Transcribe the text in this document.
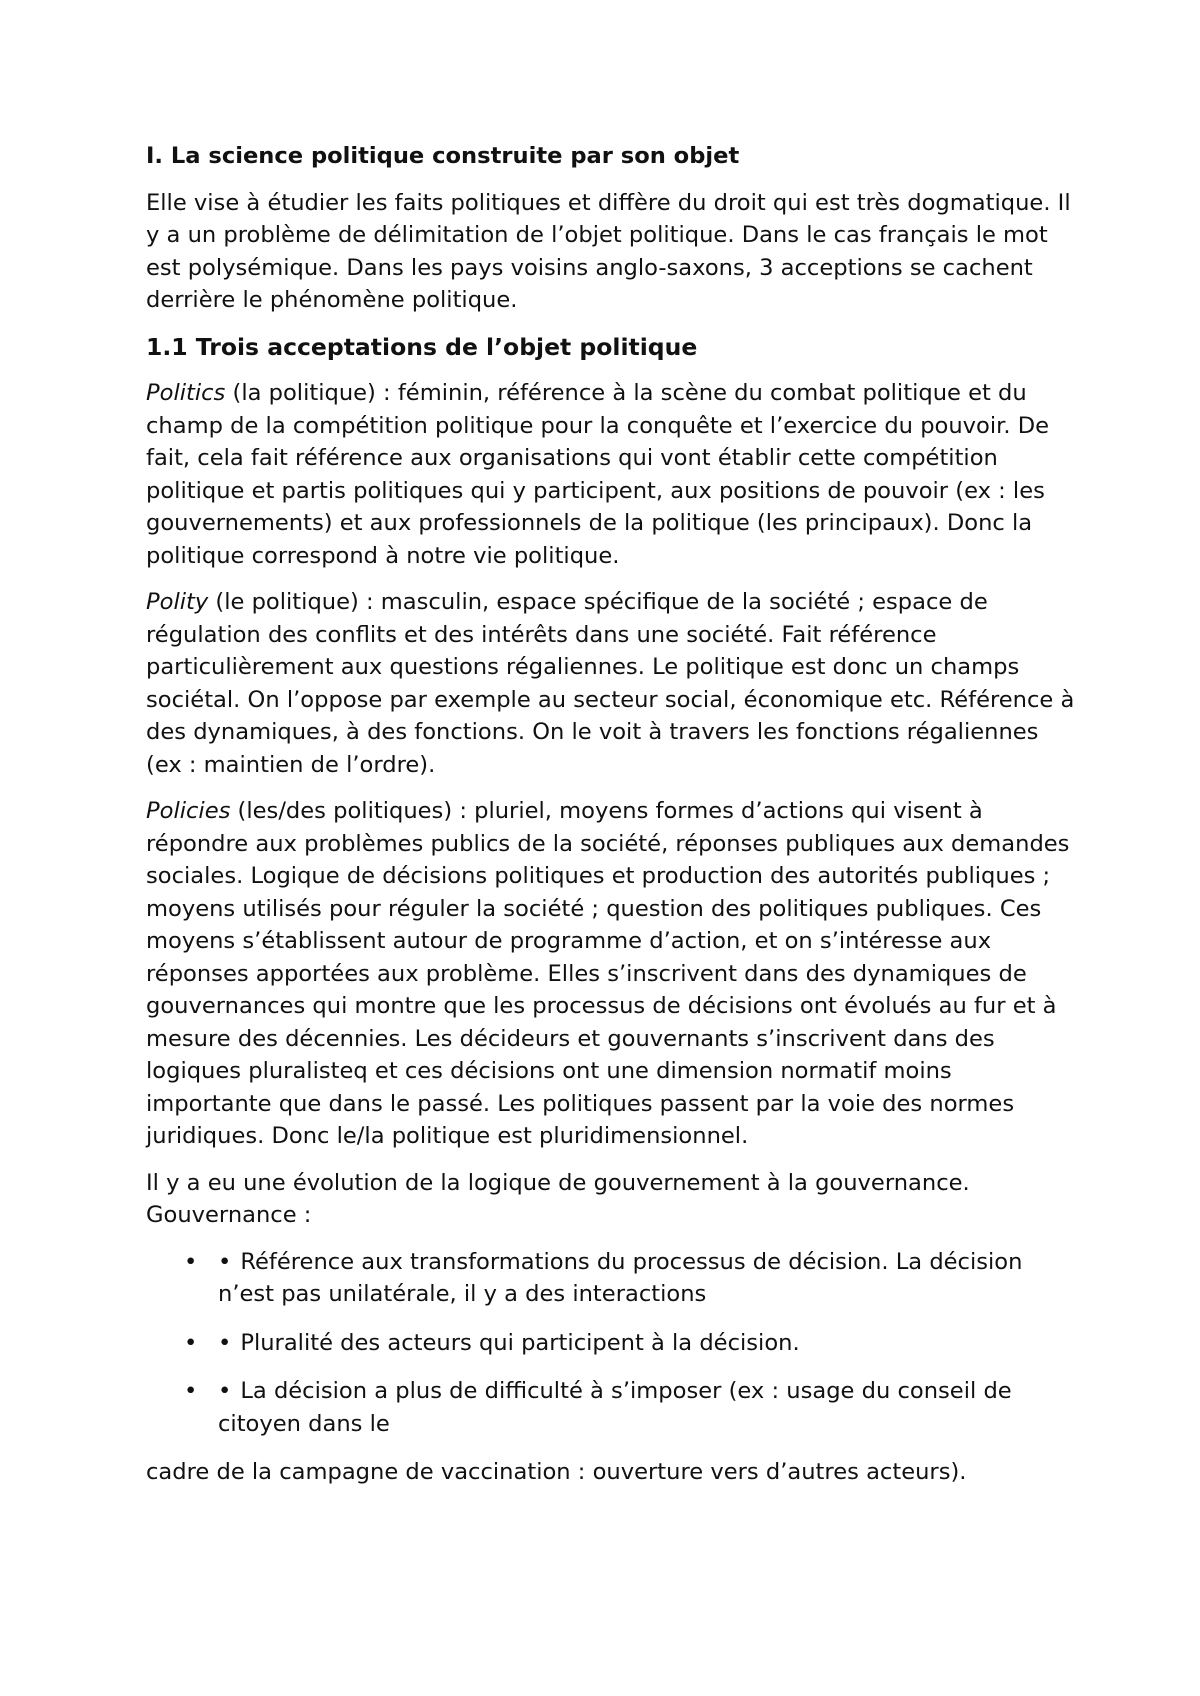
I. La science politique construite par son objet

Elle vise à étudier les faits politiques et diffère du droit qui est très dogmatique. Il y a un problème de délimitation de l’objet politique. Dans le cas français le mot est polysémique. Dans les pays voisins anglo-saxons, 3 acceptions se cachent derrière le phénomène politique.

1.1 Trois acceptations de l’objet politique

Politics (la politique) : féminin, référence à la scène du combat politique et du champ de la compétition politique pour la conquête et l’exercice du pouvoir. De fait, cela fait référence aux organisations qui vont établir cette compétition politique et partis politiques qui y participent, aux positions de pouvoir (ex : les gouvernements) et aux professionnels de la politique (les principaux). Donc la politique correspond à notre vie politique.

Polity (le politique) : masculin, espace spécifique de la société ; espace de régulation des conflits et des intérêts dans une société. Fait référence particulièrement aux questions régaliennes. Le politique est donc un champs sociétal. On l’oppose par exemple au secteur social, économique etc. Référence à des dynamiques, à des fonctions. On le voit à travers les fonctions régaliennes (ex : maintien de l’ordre).

Policies (les/des politiques) : pluriel, moyens formes d’actions qui visent à répondre aux problèmes publics de la société, réponses publiques aux demandes sociales. Logique de décisions politiques et production des autorités publiques ; moyens utilisés pour réguler la société ; question des politiques publiques. Ces moyens s’établissent autour de programme d’action, et on s’intéresse aux réponses apportées aux problème. Elles s’inscrivent dans des dynamiques de gouvernances qui montre que les processus de décisions ont évolués au fur et à mesure des décennies. Les décideurs et gouvernants s’inscrivent dans des logiques pluralisteq et ces décisions ont une dimension normatif moins importante que dans le passé. Les politiques passent par la voie des normes juridiques. Donc le/la politique est pluridimensionnel.

Il y a eu une évolution de la logique de gouvernement à la gouvernance. Gouvernance :

• • Référence aux transformations du processus de décision. La décision n’est pas unilatérale, il y a des interactions
• • Pluralité des acteurs qui participent à la décision.
• • La décision a plus de difficulté à s’imposer (ex : usage du conseil de citoyen dans le

cadre de la campagne de vaccination : ouverture vers d’autres acteurs).
